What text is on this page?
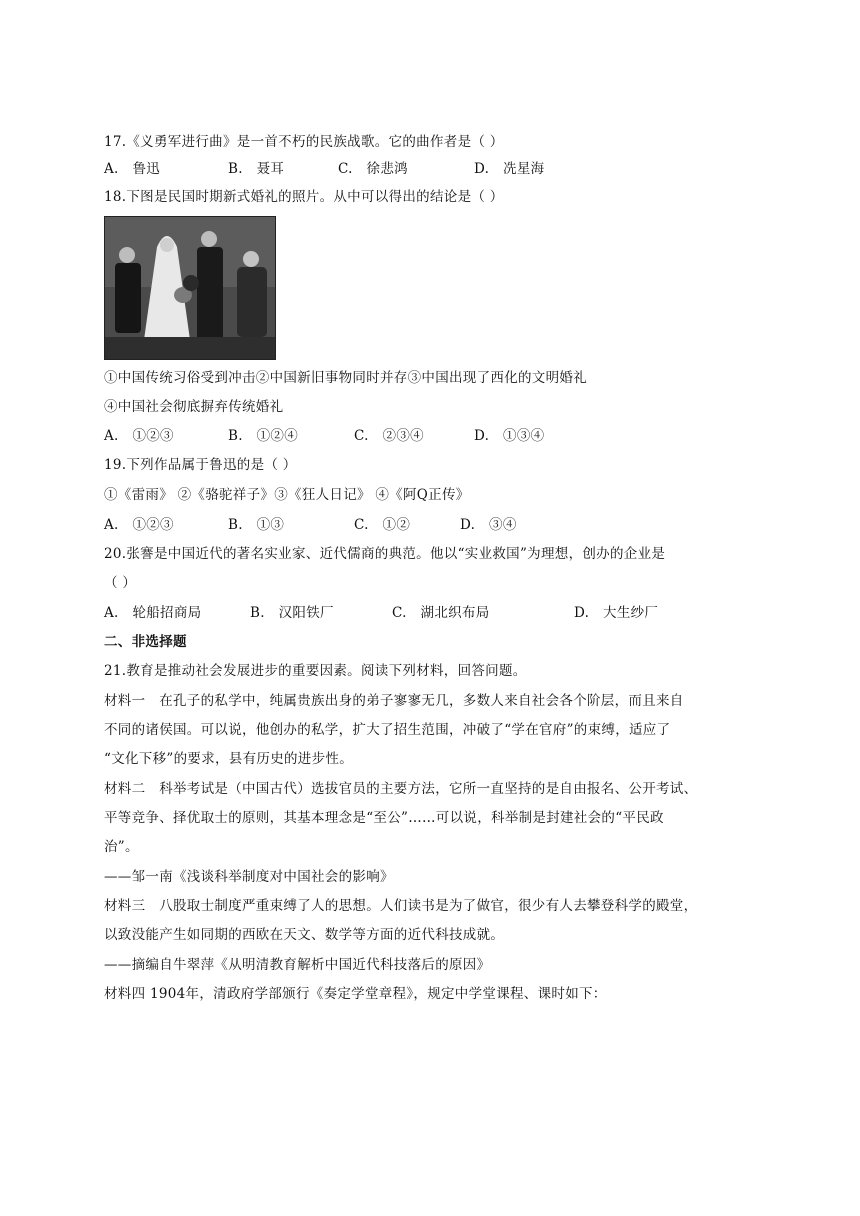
17.《义勇军进行曲》是一首不朽的民族战歌。它的曲作者是（ ）
A.　鲁迅	B.　聂耳	C.　徐悲鸿	D.　冼星海
18.下图是民国时期新式婚礼的照片。从中可以得出的结论是（ ）
①中国传统习俗受到冲击②中国新旧事物同时并存③中国出现了西化的文明婚礼
④中国社会彻底摒弃传统婚礼
A.　①②③	B.　①②④	C.　②③④	D.　①③④
19.下列作品属于鲁迅的是（ ）
①《雷雨》 ②《骆驼祥子》③《狂人日记》 ④《阿Q正传》
A.　①②③	B.　①③	C.　①②	D.　③④
20.张謇是中国近代的著名实业家、近代儒商的典范。他以“实业救国”为理想，创办的企业是
（ ）
A.　轮船招商局	B.　汉阳铁厂	C.　湖北织布局	D.　大生纱厂
二、非选择题
21.教育是推动社会发展进步的重要因素。阅读下列材料，回答问题。
材料一　在孔子的私学中，纯属贵族出身的弟子寥寥无几，多数人来自社会各个阶层，而且来自
不同的诸侯国。可以说，他创办的私学，扩大了招生范围，冲破了“学在官府”的束缚，适应了
“文化下移”的要求，县有历史的进步性。
材料二　科举考试是（中国古代）选拔官员的主要方法，它所一直坚持的是自由报名、公开考试、
平等竞争、择优取士的原则，其基本理念是“至公”……可以说，科举制是封建社会的“平民政
治”。
——邹一南《浅谈科举制度对中国社会的影响》
材料三　八股取士制度严重束缚了人的思想。人们读书是为了做官，很少有人去攀登科学的殿堂，
以致没能产生如同期的西欧在天文、数学等方面的近代科技成就。
——摘编自牛翠萍《从明清教育解析中国近代科技落后的原因》
材料四 1904年，清政府学部颁行《奏定学堂章程》，规定中学堂课程、课时如下：
